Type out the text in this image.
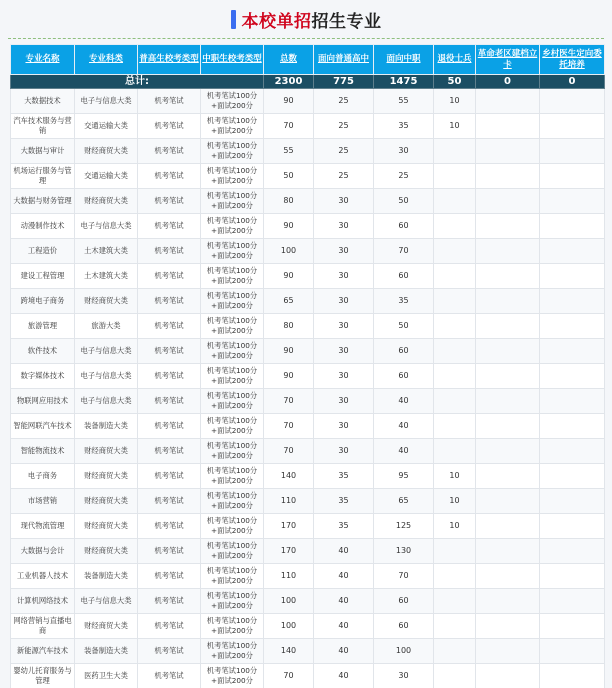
本校单招招生专业
专业名称	专业科类	普高生校考类型	中职生校考类型	总数	面向普通高中	面向中职	退役士兵	革命老区建档立卡	乡村医生定向委托培养
总计:				2300	775	1475	50	0	0
大数据技术	电子与信息大类	机考笔试	机考笔试100分+面试200分	90	25	55	10		
汽车技术服务与营销	交通运输大类	机考笔试	机考笔试100分+面试200分	70	25	35	10		
大数据与审计	财经商贸大类	机考笔试	机考笔试100分+面试200分	55	25	30			
机场运行服务与管理	交通运输大类	机考笔试	机考笔试100分+面试200分	50	25	25			
大数据与财务管理	财经商贸大类	机考笔试	机考笔试100分+面试200分	80	30	50			
动漫制作技术	电子与信息大类	机考笔试	机考笔试100分+面试200分	90	30	60			
工程造价	土木建筑大类	机考笔试	机考笔试100分+面试200分	100	30	70			
建设工程管理	土木建筑大类	机考笔试	机考笔试100分+面试200分	90	30	60			
跨境电子商务	财经商贸大类	机考笔试	机考笔试100分+面试200分	65	30	35			
旅游管理	旅游大类	机考笔试	机考笔试100分+面试200分	80	30	50			
软件技术	电子与信息大类	机考笔试	机考笔试100分+面试200分	90	30	60			
数字媒体技术	电子与信息大类	机考笔试	机考笔试100分+面试200分	90	30	60			
物联网应用技术	电子与信息大类	机考笔试	机考笔试100分+面试200分	70	30	40			
智能网联汽车技术	装备制造大类	机考笔试	机考笔试100分+面试200分	70	30	40			
智能物流技术	财经商贸大类	机考笔试	机考笔试100分+面试200分	70	30	40			
电子商务	财经商贸大类	机考笔试	机考笔试100分+面试200分	140	35	95	10		
市场营销	财经商贸大类	机考笔试	机考笔试100分+面试200分	110	35	65	10		
现代物流管理	财经商贸大类	机考笔试	机考笔试100分+面试200分	170	35	125	10		
大数据与会计	财经商贸大类	机考笔试	机考笔试100分+面试200分	170	40	130			
工业机器人技术	装备制造大类	机考笔试	机考笔试100分+面试200分	110	40	70			
计算机网络技术	电子与信息大类	机考笔试	机考笔试100分+面试200分	100	40	60			
网络营销与直播电商	财经商贸大类	机考笔试	机考笔试100分+面试200分	100	40	60			
新能源汽车技术	装备制造大类	机考笔试	机考笔试100分+面试200分	140	40	100			
婴幼儿托育服务与管理	医药卫生大类	机考笔试	机考笔试100分+面试200分	70	40	30			
